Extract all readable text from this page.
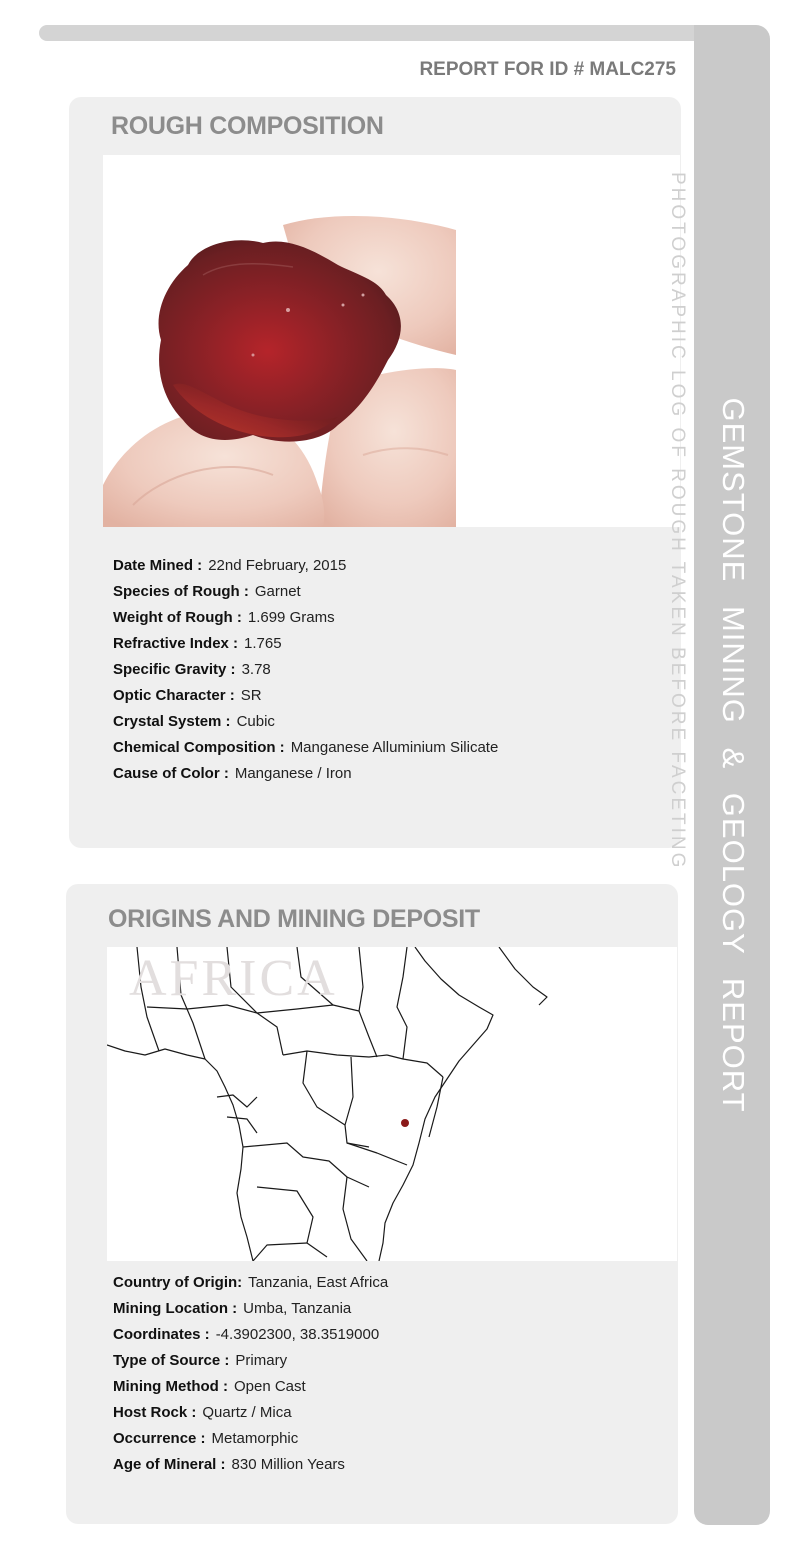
GEMSTONE MINING & GEOLOGY REPORT
REPORT FOR ID # MALC275
ROUGH COMPOSITION
PHOTOGRAPHIC LOG OF ROUGH TAKEN BEFORE FACETING
Date Mined : 22nd February, 2015
Species of Rough : Garnet
Weight of Rough : 1.699 Grams
Refractive Index : 1.765
Specific Gravity : 3.78
Optic Character : SR
Crystal System : Cubic
Chemical Composition : Manganese Alluminium Silicate
Cause of Color : Manganese / Iron
ORIGINS AND MINING DEPOSIT
AFRICA
Country of Origin: Tanzania, East Africa
Mining Location : Umba, Tanzania
Coordinates : -4.3902300, 38.3519000
Type of Source : Primary
Mining Method : Open Cast
Host Rock : Quartz / Mica
Occurrence : Metamorphic
Age of Mineral : 830 Million Years
